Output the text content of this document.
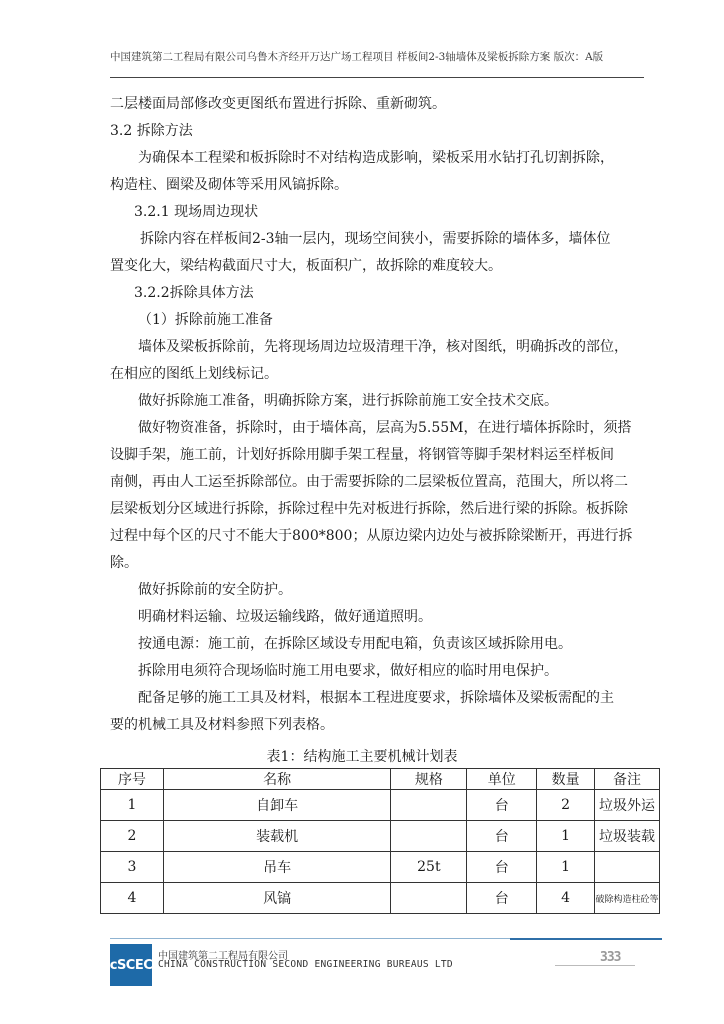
中国建筑第二工程局有限公司乌鲁木齐经开万达广场工程项目 样板间2-3轴墙体及梁板拆除方案 版次：A版
二层楼面局部修改变更图纸布置进行拆除、重新砌筑。
3.2 拆除方法
为确保本工程梁和板拆除时不对结构造成影响，梁板采用水钻打孔切割拆除，
构造柱、圈梁及砌体等采用风镐拆除。
3.2.1 现场周边现状
拆除内容在样板间2-3轴一层内，现场空间狭小，需要拆除的墙体多，墙体位
置变化大，梁结构截面尺寸大，板面积广，故拆除的难度较大。
3.2.2拆除具体方法
（1）拆除前施工准备
墙体及梁板拆除前，先将现场周边垃圾清理干净，核对图纸，明确拆改的部位，
在相应的图纸上划线标记。
做好拆除施工准备，明确拆除方案，进行拆除前施工安全技术交底。
做好物资准备，拆除时，由于墙体高，层高为5.55M，在进行墙体拆除时，须搭
设脚手架，施工前，计划好拆除用脚手架工程量，将钢管等脚手架材料运至样板间
南侧，再由人工运至拆除部位。由于需要拆除的二层梁板位置高，范围大，所以将二
层梁板划分区域进行拆除，拆除过程中先对板进行拆除，然后进行梁的拆除。板拆除
过程中每个区的尺寸不能大于800*800；从原边梁内边处与被拆除梁断开，再进行拆
除。
做好拆除前的安全防护。
明确材料运输、垃圾运输线路，做好通道照明。
按通电源：施工前，在拆除区域设专用配电箱，负责该区域拆除用电。
拆除用电须符合现场临时施工用电要求，做好相应的临时用电保护。
配备足够的施工工具及材料，根据本工程进度要求，拆除墙体及梁板需配的主
要的机械工具及材料参照下列表格。
表1：结构施工主要机械计划表
序号	名称	规格	单位	数量	备注
1	自卸车		台	2	垃圾外运
2	装载机		台	1	垃圾装载
3	吊车	25t	台	1	
4	风镐		台	4	破除构造柱砼等
cSCEC
中国建筑第二工程局有限公司
CHINA CONSTRUCTION SECOND ENGINEERING BUREAUS LTD	333
